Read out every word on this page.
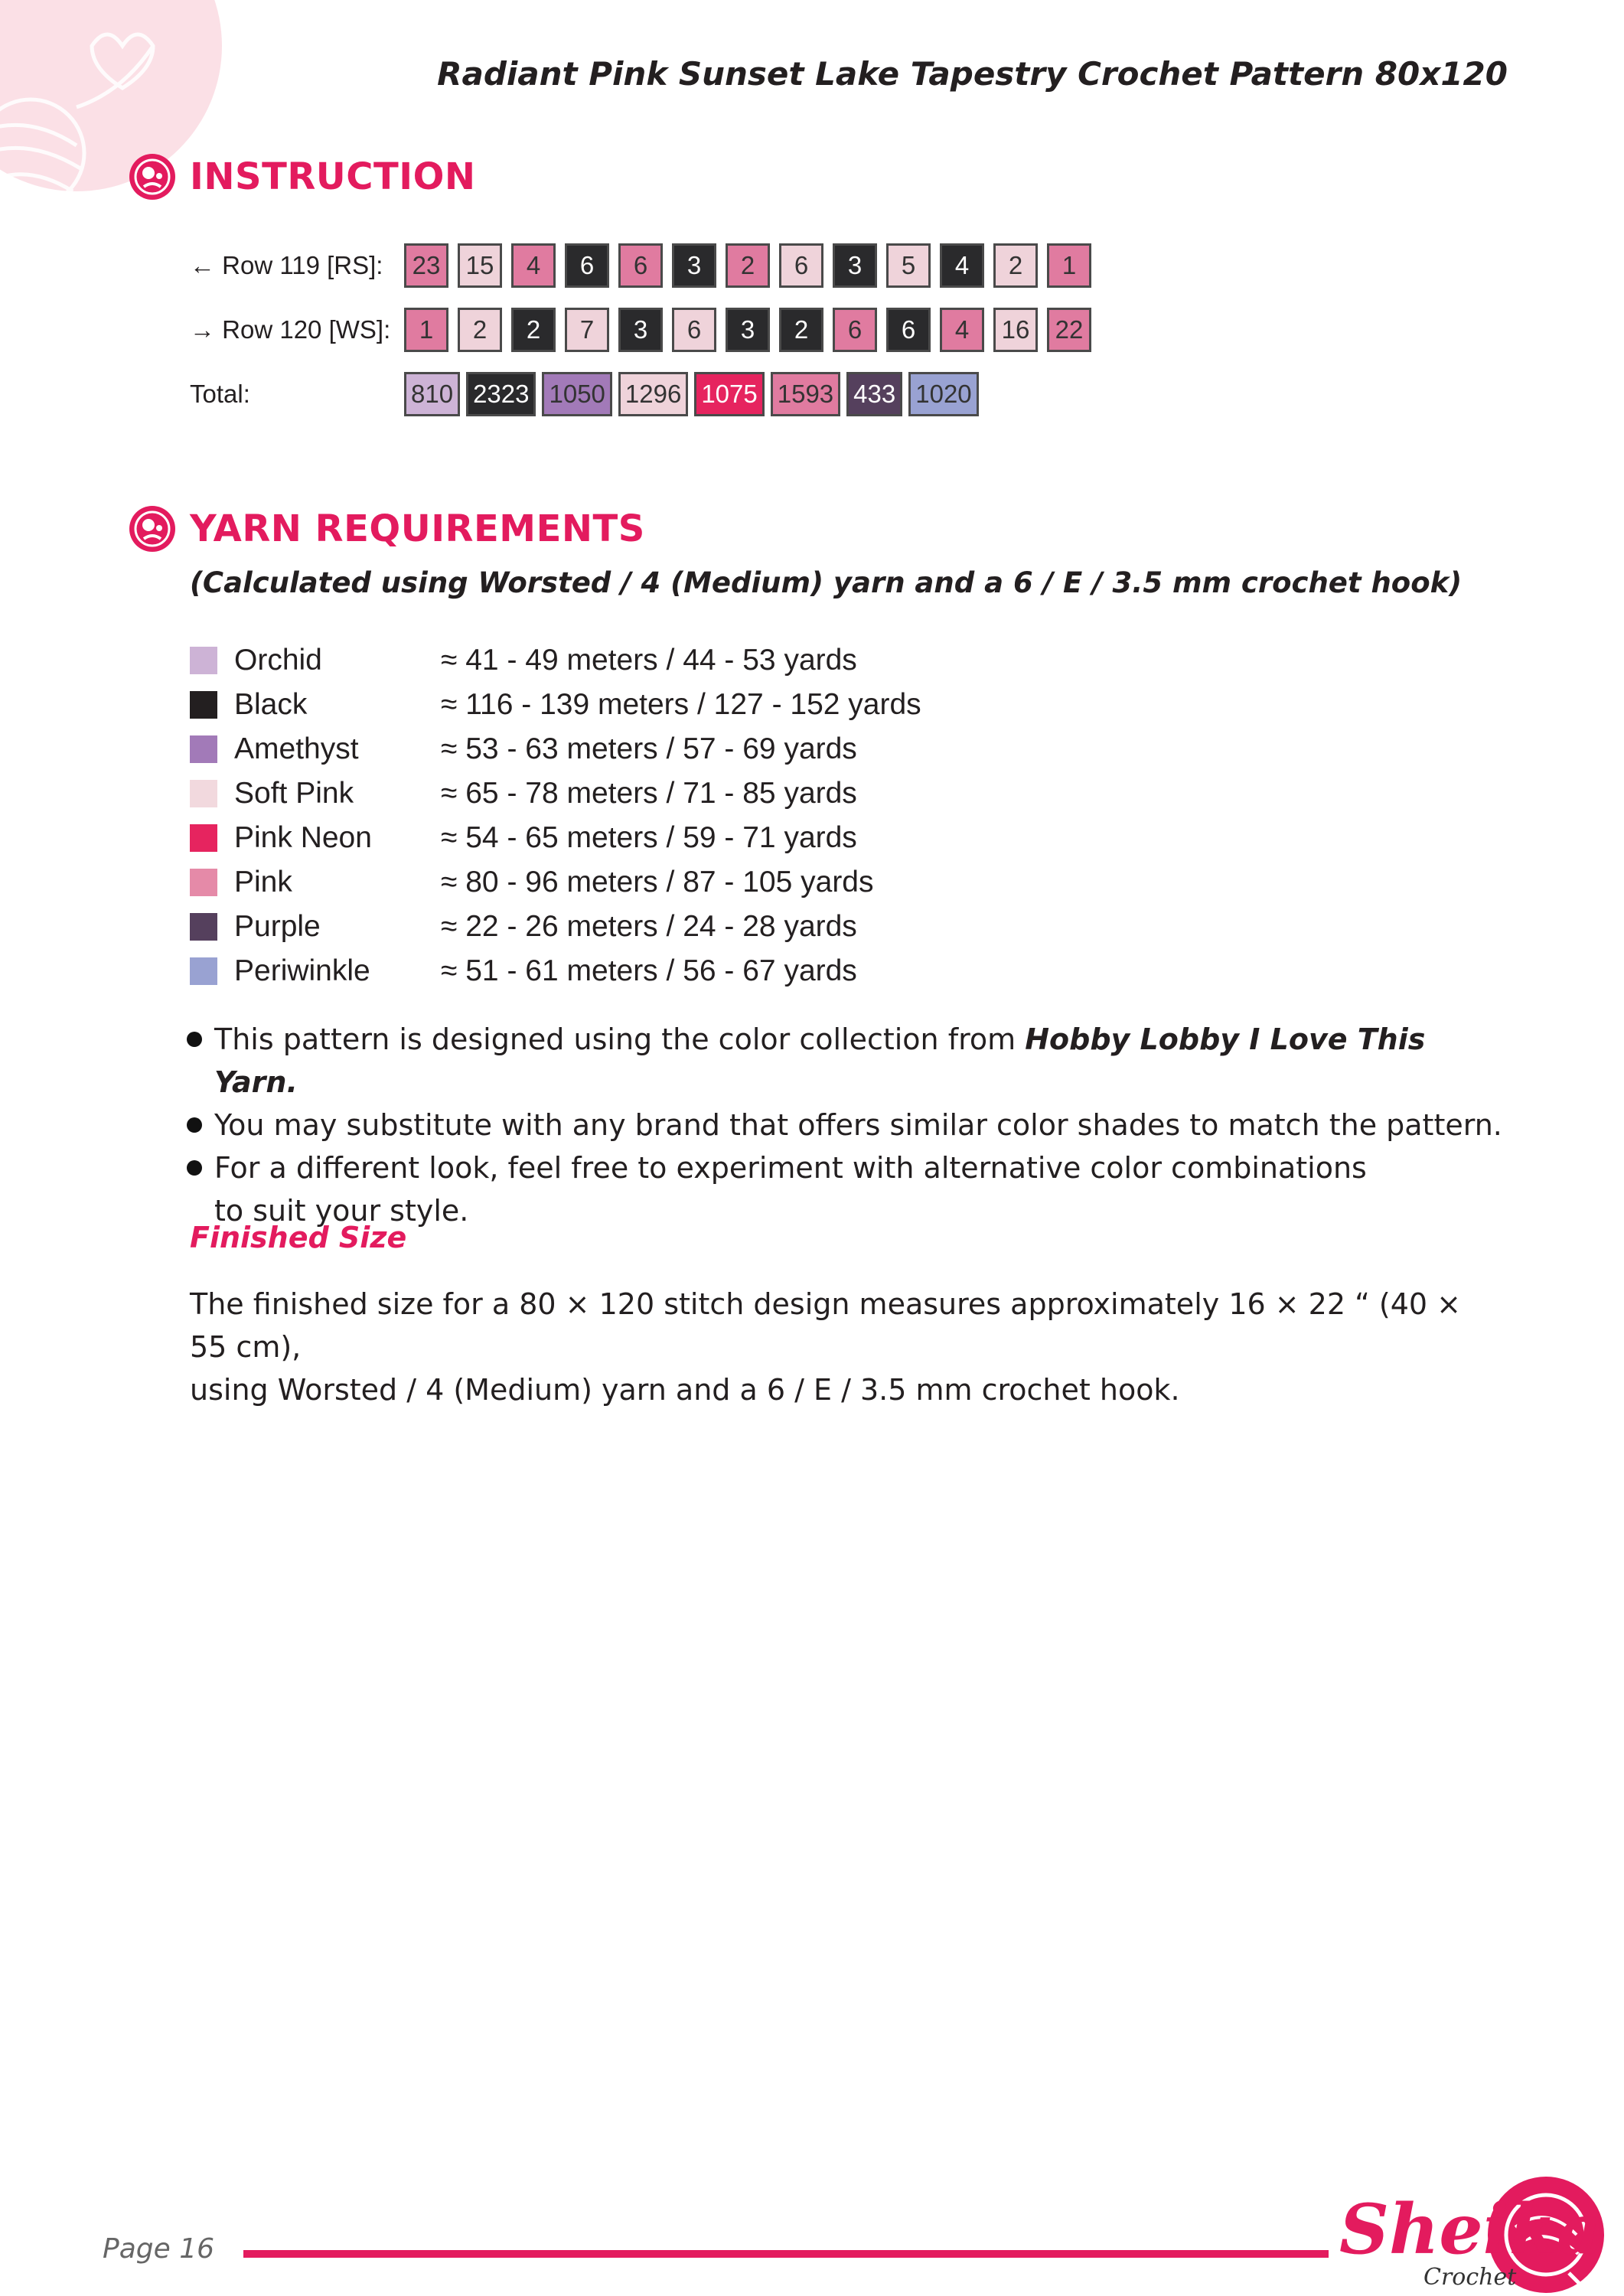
Radiant Pink Sunset Lake Tapestry Crochet Pattern 80x120
INSTRUCTION
← Row 119 [RS]:	23	15	4	6	6	3	2	6	3	5	4	2	1
→ Row 120 [WS]:	1	2	2	7	3	6	3	2	6	6	4	16	22
Total:	810 2323 1050 1296 1075 1593 433 1020
YARN REQUIREMENTS
(Calculated using Worsted / 4 (Medium) yarn and a 6 / E / 3.5 mm crochet hook)
Orchid	≈ 41 - 49 meters / 44 - 53 yards
Black	≈ 116 - 139 meters / 127 - 152 yards
Amethyst	≈ 53 - 63 meters / 57 - 69 yards
Soft Pink	≈ 65 - 78 meters / 71 - 85 yards
Pink Neon	≈ 54 - 65 meters / 59 - 71 yards
Pink	≈ 80 - 96 meters / 87 - 105 yards
Purple	≈ 22 - 26 meters / 24 - 28 yards
Periwinkle	≈ 51 - 61 meters / 56 - 67 yards
This pattern is designed using the color collection from Hobby Lobby I Love This Yarn.
You may substitute with any brand that offers similar color shades to match the pattern.
For a different look, feel free to experiment with alternative color combinations
to suit your style.
Finished Size
The finished size for a 80 × 120 stitch design measures approximately 16 × 22 “ (40 × 55 cm),
using Worsted / 4 (Medium) yarn and a 6 / E / 3.5 mm crochet hook.
Page 16	Sheika
Crochet
